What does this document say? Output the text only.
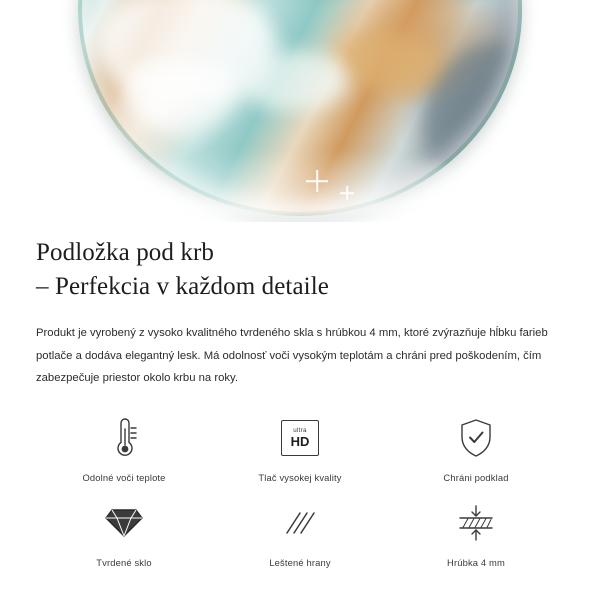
Podložka pod krb
– Perfekcia v každom detaile

Produkt je vyrobený z vysoko kvalitného tvrdeného skla s hrúbkou 4 mm, ktoré zvýrazňuje hĺbku farieb potlače a dodáva elegantný lesk. Má odolnosť voči vysokým teplotám a chráni pred poškodením, čím zabezpečuje priestor okolo krbu na roky.

Odolné voči teplote
ultra
HD
Tlač vysokej kvality	Chráni podklad
Tvrdené sklo	Leštené hrany	Hrúbka 4 mm
